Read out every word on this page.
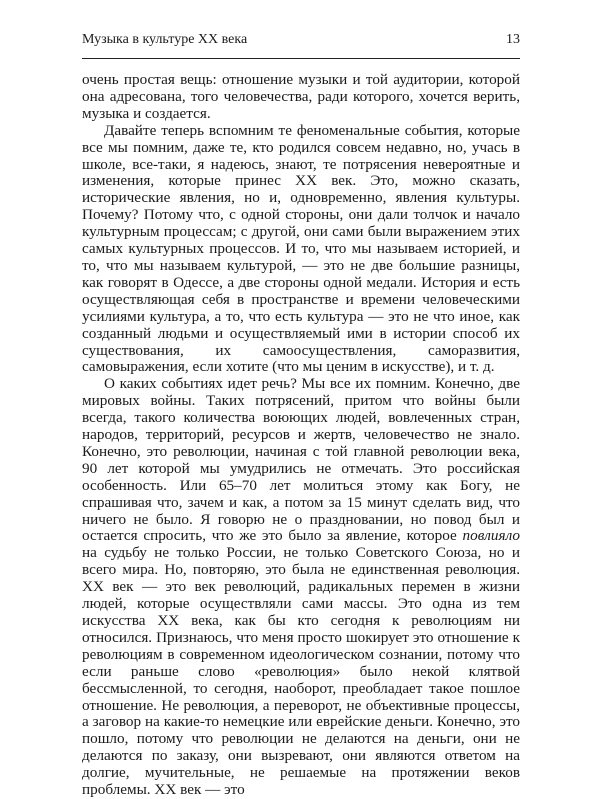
Музыка в культуре XX века	13

очень простая вещь: отношение музыки и той аудитории, которой она адресована, того человечества, ради которого, хочется верить, музыка и создается.

Давайте теперь вспомним те феноменальные события, которые все мы помним, даже те, кто родился совсем недавно, но, учась в школе, все-таки, я надеюсь, знают, те потрясения невероятные и изменения, которые принес XX век. Это, можно сказать, исторические явления, но и, одновременно, явления культуры. Почему? Потому что, с одной стороны, они дали толчок и начало культурным процессам; с другой, они сами были выражением этих самых культурных процессов. И то, что мы называем историей, и то, что мы называем культурой, — это не две большие разницы, как говорят в Одессе, а две стороны одной медали. История и есть осуществляющая себя в пространстве и времени человеческими усилиями культура, а то, что есть культура — это не что иное, как созданный людьми и осуществляемый ими в истории способ их существования, их самоосуществления, саморазвития, самовыражения, если хотите (что мы ценим в искусстве), и т. д.

О каких событиях идет речь? Мы все их помним. Конечно, две мировых войны. Таких потрясений, притом что войны были всегда, такого количества воюющих людей, вовлеченных стран, народов, территорий, ресурсов и жертв, человечество не знало. Конечно, это революции, начиная с той главной революции века, 90 лет которой мы умудрились не отмечать. Это российская особенность. Или 65–70 лет молиться этому как Богу, не спрашивая что, зачем и как, а потом за 15 минут сделать вид, что ничего не было. Я говорю не о праздновании, но повод был и остается спросить, что же это было за явление, которое повлияло на судьбу не только России, не только Советского Союза, но и всего мира. Но, повторяю, это была не единственная революция. XX век — это век революций, радикальных перемен в жизни людей, которые осуществляли сами массы. Это одна из тем искусства XX века, как бы кто сегодня к революциям ни относился. Признаюсь, что меня просто шокирует это отношение к революциям в современном идеологическом сознании, потому что если раньше слово «революция» было некой клятвой бессмысленной, то сегодня, наоборот, преобладает такое пошлое отношение. Не революция, а переворот, не объективные процессы, а заговор на какие-то немецкие или еврейские деньги. Конечно, это пошло, потому что революции не делаются на деньги, они не делаются по заказу, они вызревают, они являются ответом на долгие, мучительные, не решаемые на протяжении веков проблемы. XX век — это
